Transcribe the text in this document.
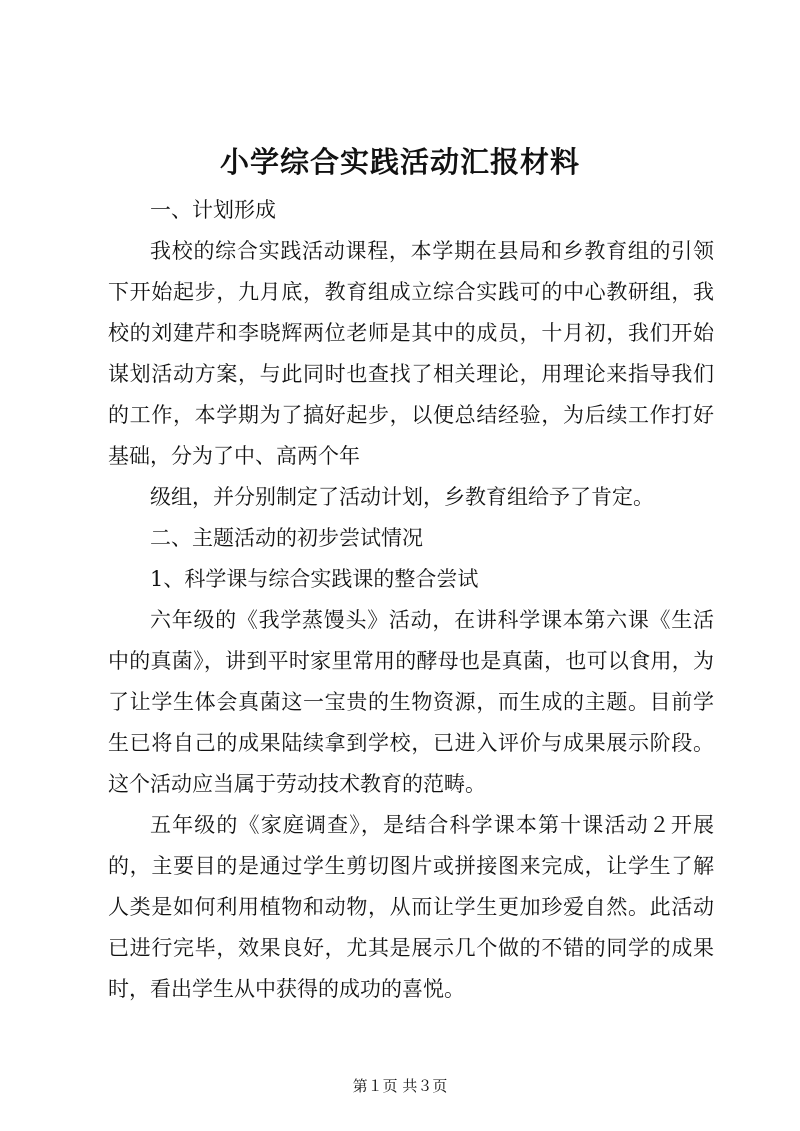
小学综合实践活动汇报材料

一、计划形成

我校的综合实践活动课程，本学期在县局和乡教育组的引领下开始起步，九月底，教育组成立综合实践可的中心教研组，我校的刘建芹和李晓辉两位老师是其中的成员，十月初，我们开始谋划活动方案，与此同时也查找了相关理论，用理论来指导我们的工作，本学期为了搞好起步，以便总结经验，为后续工作打好基础，分为了中、高两个年

级组，并分别制定了活动计划，乡教育组给予了肯定。

二、主题活动的初步尝试情况

1、科学课与综合实践课的整合尝试

六年级的《我学蒸馒头》活动，在讲科学课本第六课《生活中的真菌》，讲到平时家里常用的酵母也是真菌，也可以食用，为了让学生体会真菌这一宝贵的生物资源，而生成的主题。目前学生已将自己的成果陆续拿到学校，已进入评价与成果展示阶段。这个活动应当属于劳动技术教育的范畴。

五年级的《家庭调查》，是结合科学课本第十课活动２开展的，主要目的是通过学生剪切图片或拼接图来完成，让学生了解人类是如何利用植物和动物，从而让学生更加珍爱自然。此活动已进行完毕，效果良好，尤其是展示几个做的不错的同学的成果时，看出学生从中获得的成功的喜悦。

第１页 共３页
